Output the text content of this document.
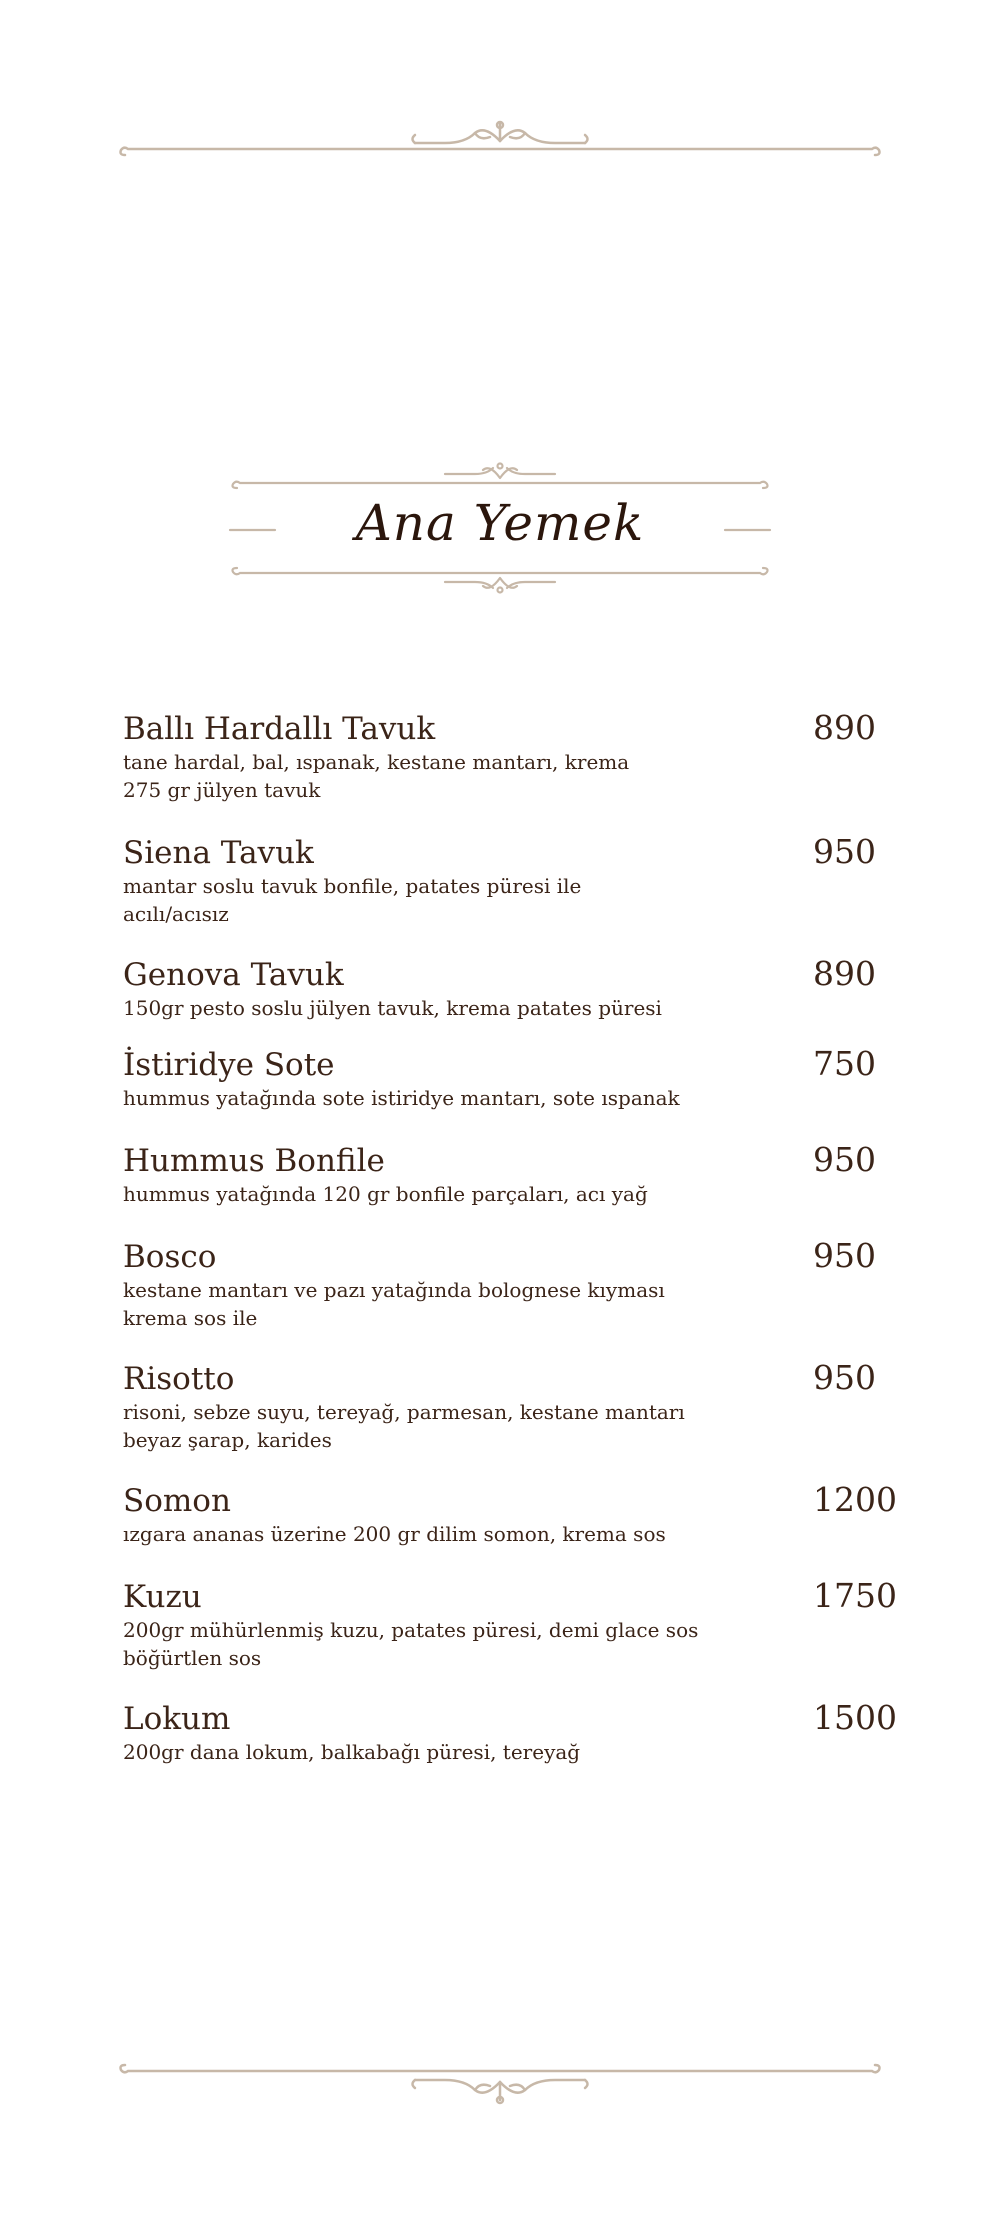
Ana Yemek
Ballı Hardallı Tavuk
tane hardal, bal, ıspanak, kestane mantarı, krema
275 gr jülyen tavuk
890
Siena Tavuk
mantar soslu tavuk bonfile, patates püresi ile
acılı/acısız
950
Genova Tavuk
150gr pesto soslu jülyen tavuk, krema patates püresi
890
İstiridye Sote
hummus yatağında sote istiridye mantarı, sote ıspanak
750
Hummus Bonfile
hummus yatağında 120 gr bonfile parçaları, acı yağ
950
Bosco
kestane mantarı ve pazı yatağında bolognese kıyması
krema sos ile
950
Risotto
risoni, sebze suyu, tereyağ, parmesan, kestane mantarı
beyaz şarap, karides
950
Somon
ızgara ananas üzerine 200 gr dilim somon, krema sos
1200
Kuzu
200gr mühürlenmiş kuzu, patates püresi, demi glace sos
böğürtlen sos
1750
Lokum
200gr dana lokum, balkabağı püresi, tereyağ
1500
